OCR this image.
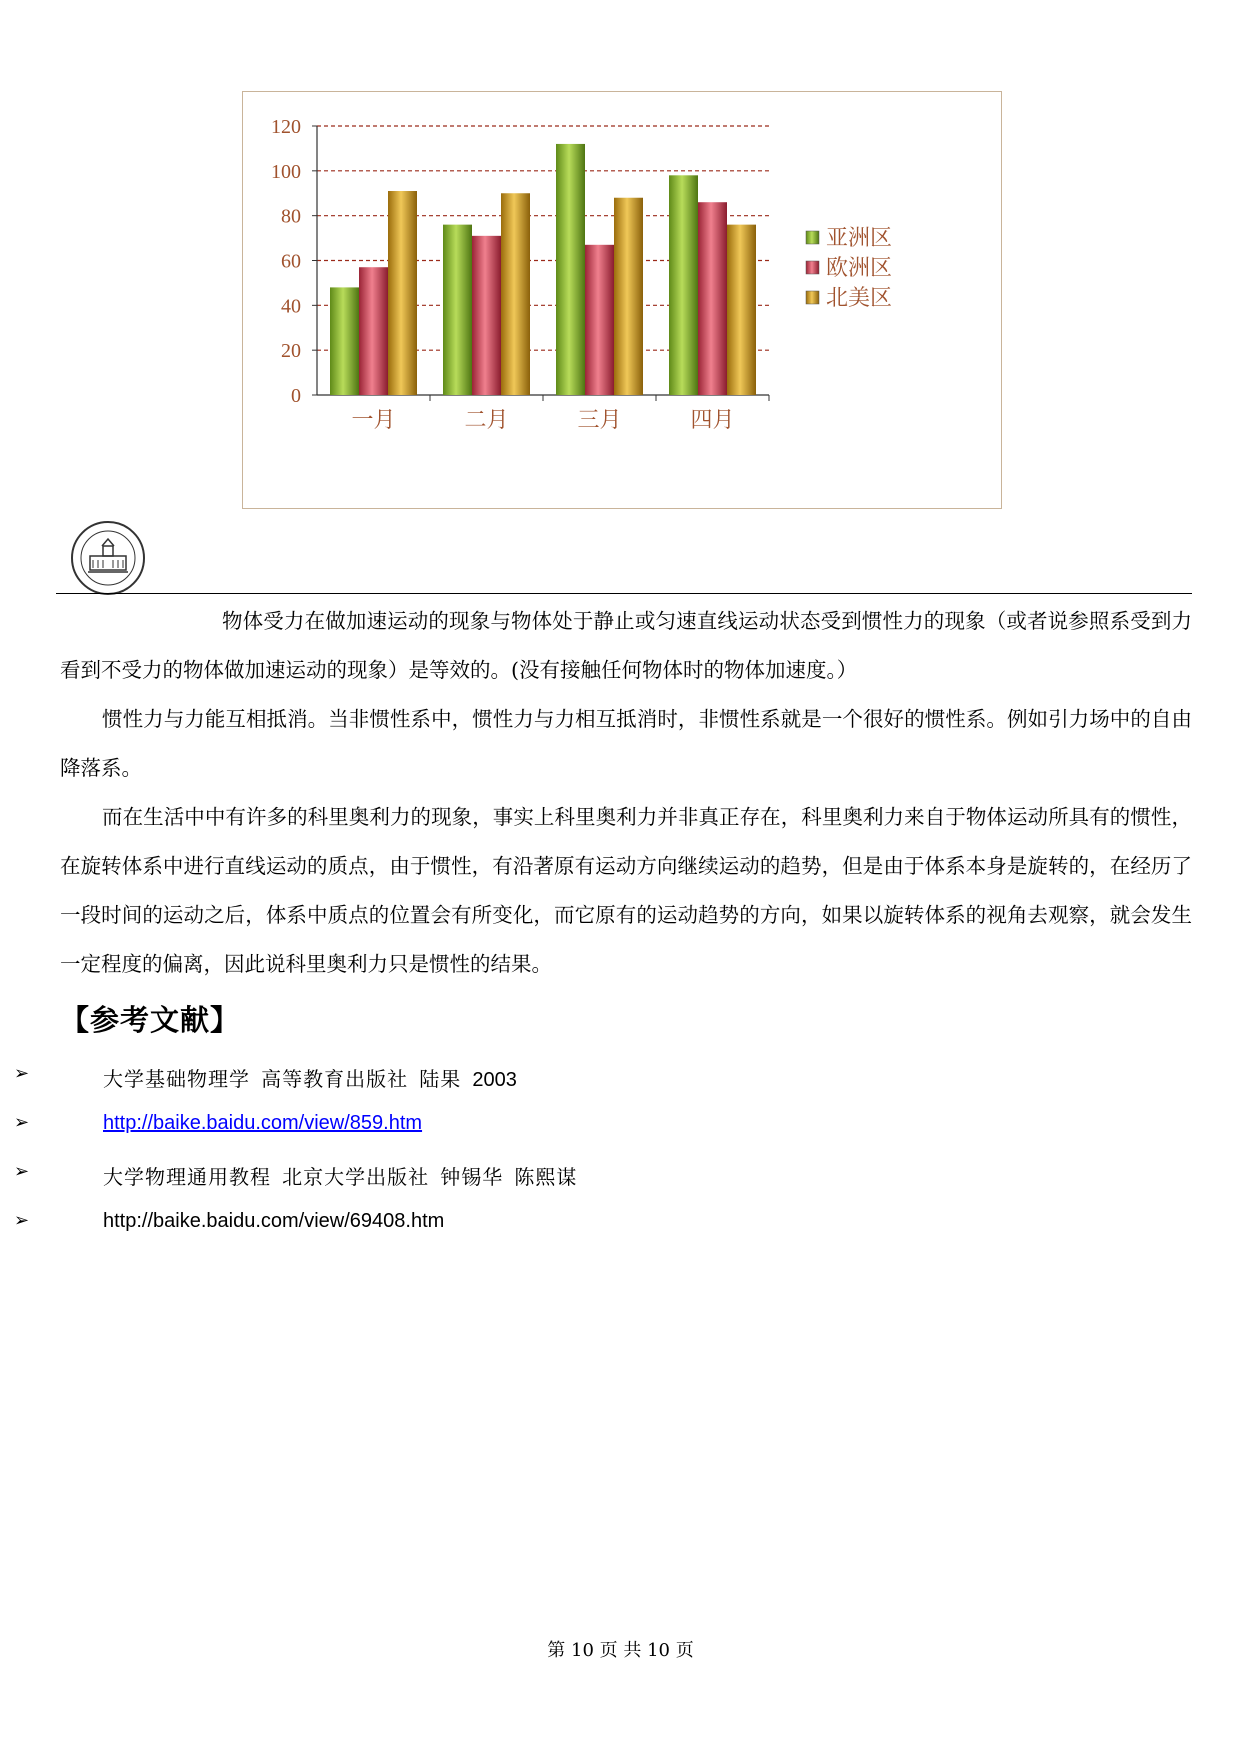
0
20
40
60
80
100
120
一月	二月	三月	四月
亚洲区
欧洲区
北美区

物体受力在做加速运动的现象与物体处于静止或匀速直线运动状态受到惯性力的现象（或者说参照系受到力看到不受力的物体做加速运动的现象）是等效的。(没有接触任何物体时的物体加速度。）

惯性力与力能互相抵消。当非惯性系中，惯性力与力相互抵消时，非惯性系就是一个很好的惯性系。例如引力场中的自由降落系。

而在生活中中有许多的科里奥利力的现象，事实上科里奥利力并非真正存在，科里奥利力来自于物体运动所具有的惯性，在旋转体系中进行直线运动的质点，由于惯性，有沿著原有运动方向继续运动的趋势，但是由于体系本身是旋转的，在经历了一段时间的运动之后，体系中质点的位置会有所变化，而它原有的运动趋势的方向，如果以旋转体系的视角去观察，就会发生一定程度的偏离，因此说科里奥利力只是惯性的结果。

【参考文献】
➢	大学基础物理学 高等教育出版社 陆果 2003
➢	http://baike.baidu.com/view/859.htm
➢	大学物理通用教程 北京大学出版社 钟锡华 陈熙谋
➢	http://baike.baidu.com/view/69408.htm
第 10 页 共 10 页
